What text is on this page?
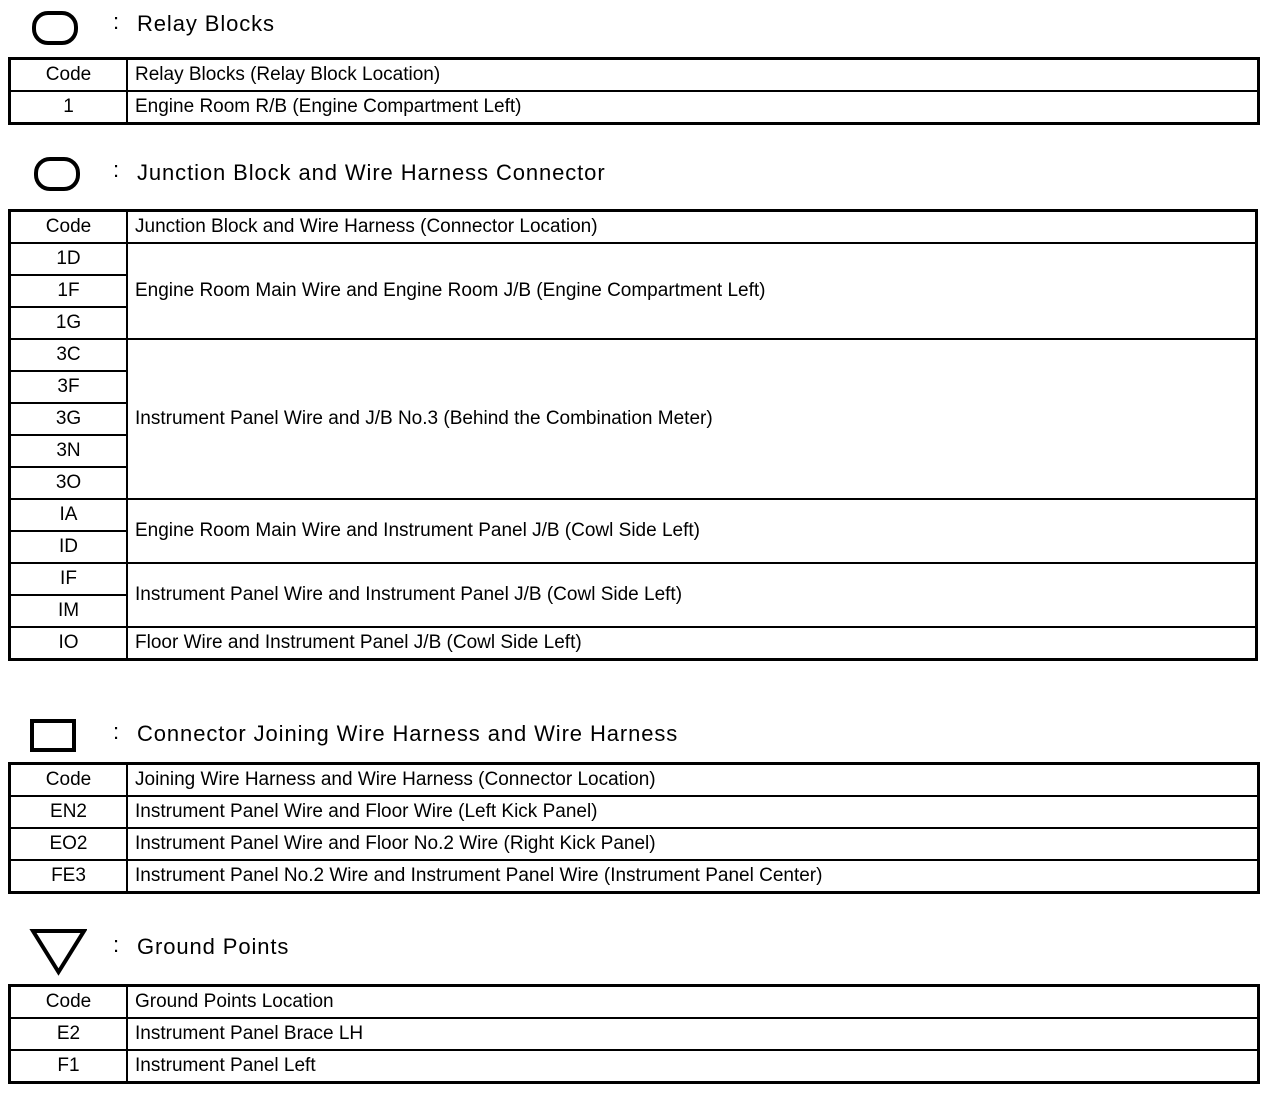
: Relay Blocks
Code	Relay Blocks (Relay Block Location)
1	Engine Room R/B (Engine Compartment Left)
: Junction Block and Wire Harness Connector
Code	Junction Block and Wire Harness (Connector Location)
1D	Engine Room Main Wire and Engine Room J/B (Engine Compartment Left)
1F	
1G	
3C	Instrument Panel Wire and J/B No.3 (Behind the Combination Meter)
3F	
3G	
3N	
3O	
IA	Engine Room Main Wire and Instrument Panel J/B (Cowl Side Left)
ID	
IF	Instrument Panel Wire and Instrument Panel J/B (Cowl Side Left)
IM	
IO	Floor Wire and Instrument Panel J/B (Cowl Side Left)
: Connector Joining Wire Harness and Wire Harness
Code	Joining Wire Harness and Wire Harness (Connector Location)
EN2	Instrument Panel Wire and Floor Wire (Left Kick Panel)
EO2	Instrument Panel Wire and Floor No.2 Wire (Right Kick Panel)
FE3	Instrument Panel No.2 Wire and Instrument Panel Wire (Instrument Panel Center)
: Ground Points
Code	Ground Points Location
E2	Instrument Panel Brace LH
F1	Instrument Panel Left
